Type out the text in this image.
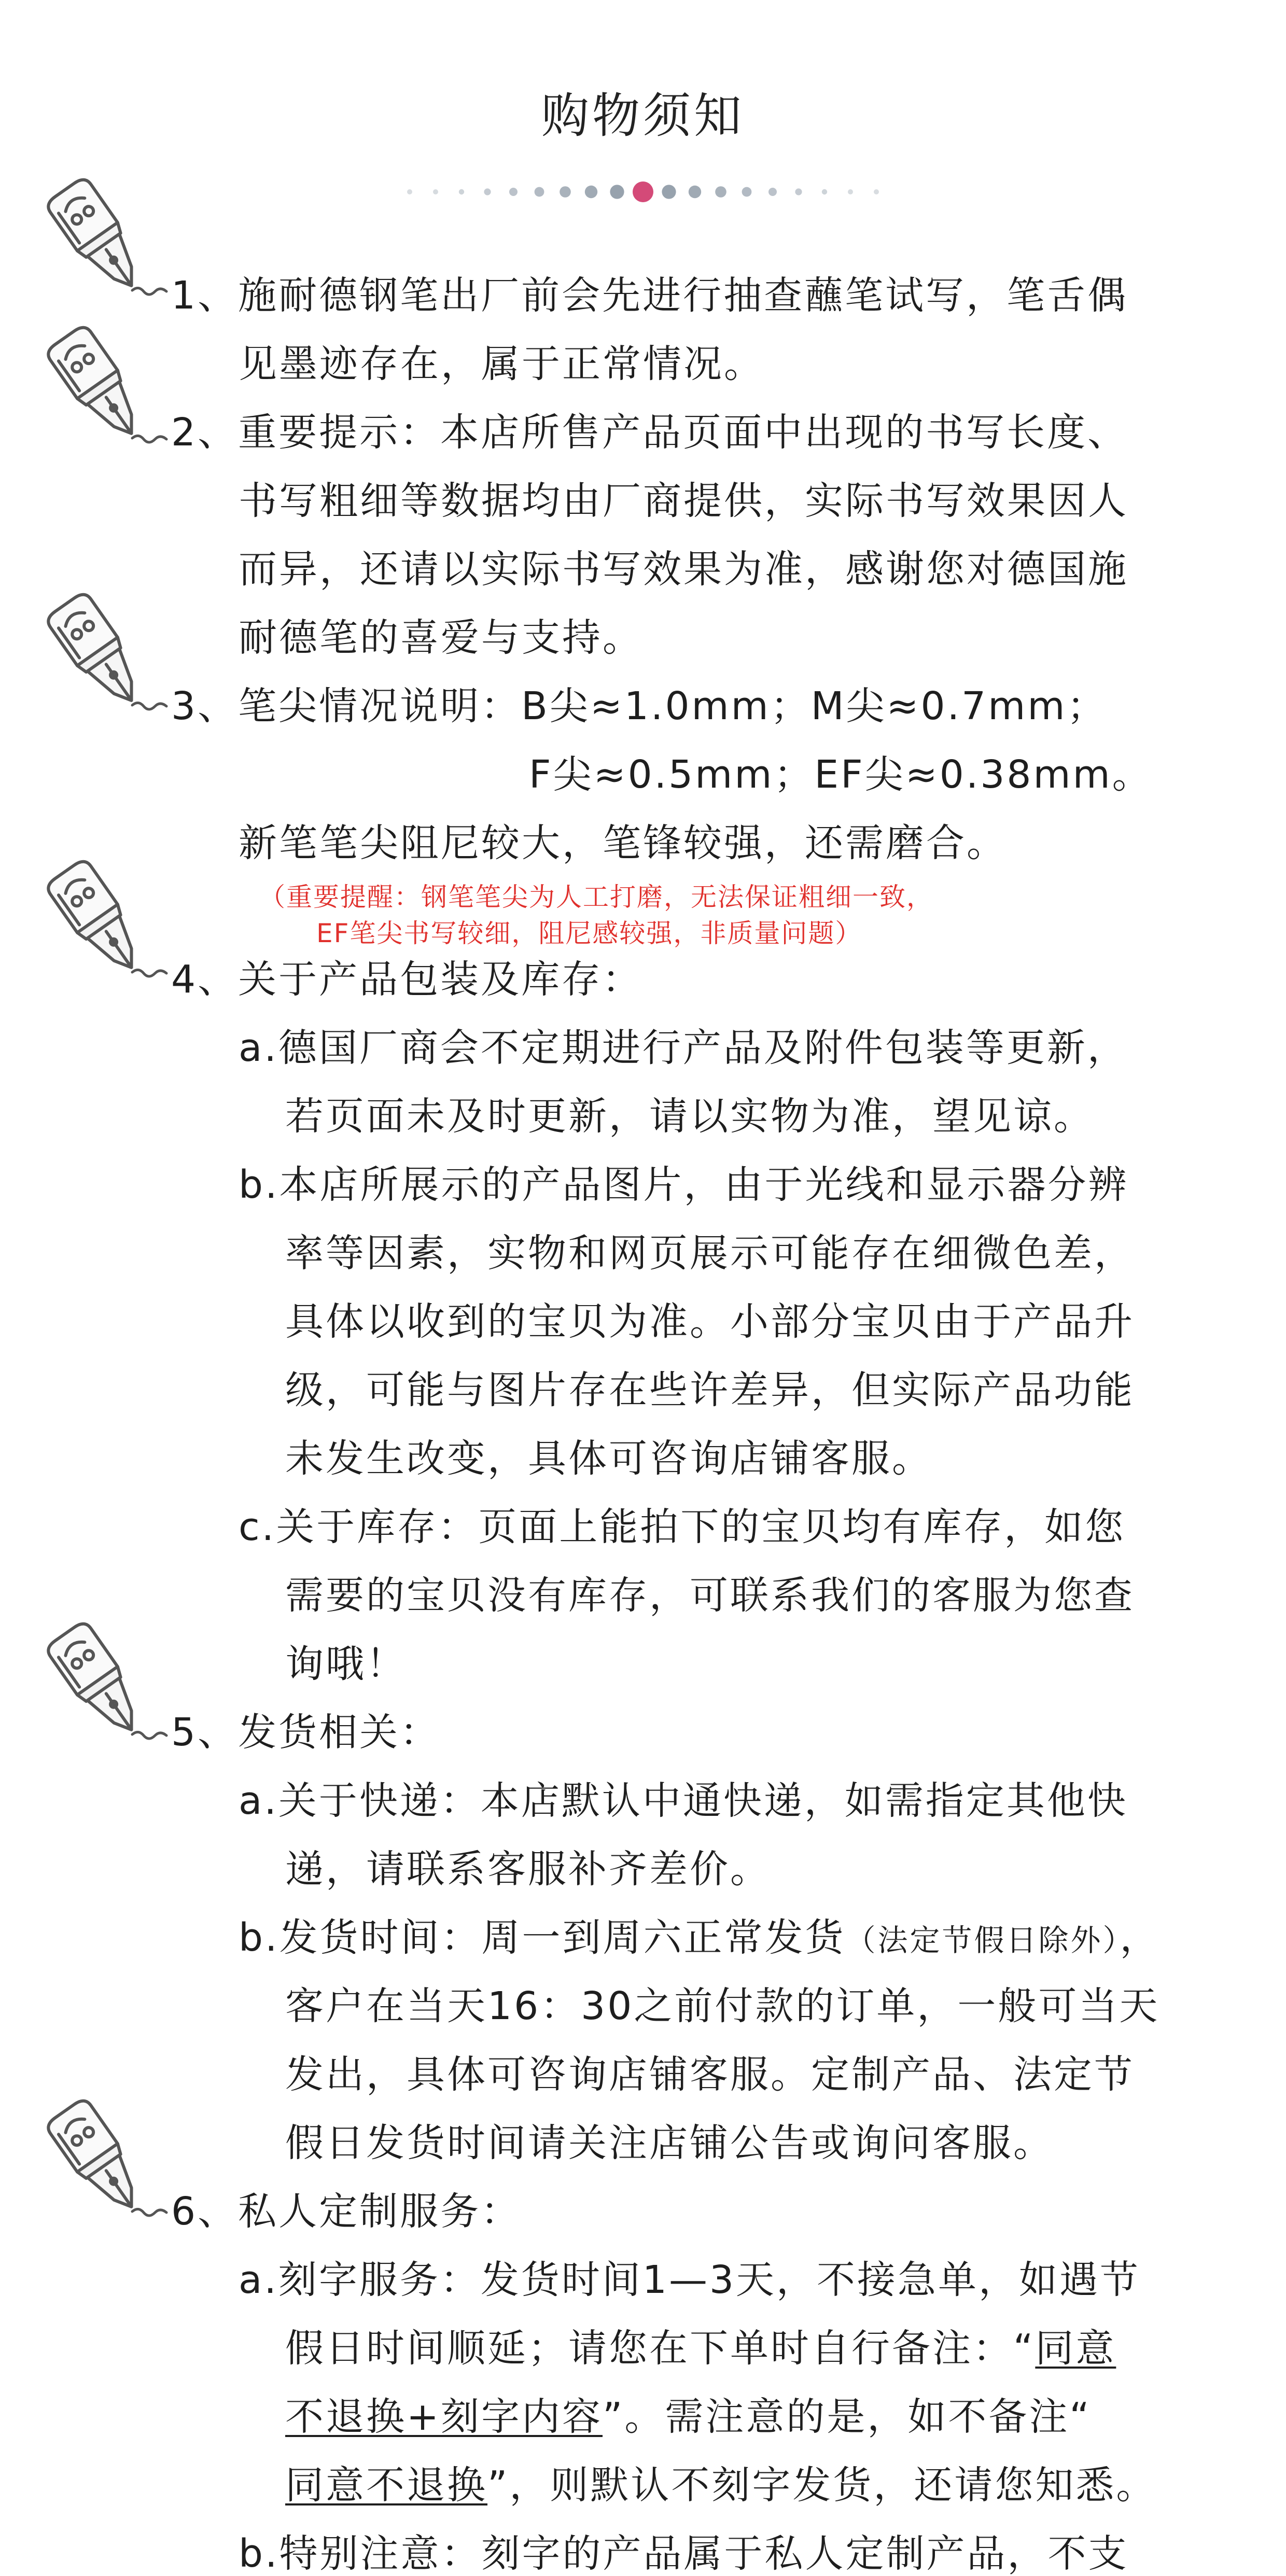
购物须知
1、施耐德钢笔出厂前会先进行抽查蘸笔试写，笔舌偶
见墨迹存在，属于正常情况。
2、重要提示：本店所售产品页面中出现的书写长度、
书写粗细等数据均由厂商提供，实际书写效果因人
而异，还请以实际书写效果为准，感谢您对德国施
耐德笔的喜爱与支持。
3、笔尖情况说明：B尖≈1.0mm；M尖≈0.7mm；
F尖≈0.5mm；EF尖≈0.38mm。
新笔笔尖阻尼较大，笔锋较强，还需磨合。
（重要提醒：钢笔笔尖为人工打磨，无法保证粗细一致，
EF笔尖书写较细，阻尼感较强，非质量问题）
4、关于产品包装及库存：
a.德国厂商会不定期进行产品及附件包装等更新，
若页面未及时更新，请以实物为准，望见谅。
b.本店所展示的产品图片，由于光线和显示器分辨
率等因素，实物和网页展示可能存在细微色差，
具体以收到的宝贝为准。小部分宝贝由于产品升
级，可能与图片存在些许差异，但实际产品功能
未发生改变，具体可咨询店铺客服。
c.关于库存：页面上能拍下的宝贝均有库存，如您
需要的宝贝没有库存，可联系我们的客服为您查
询哦！
5、发货相关：
a.关于快递：本店默认中通快递，如需指定其他快
递，请联系客服补齐差价。
b.发货时间：周一到周六正常发货（法定节假日除外），
客户在当天16：30之前付款的订单，一般可当天
发出，具体可咨询店铺客服。定制产品、法定节
假日发货时间请关注店铺公告或询问客服。
6、私人定制服务：
a.刻字服务：发货时间1—3天，不接急单，如遇节
假日时间顺延；请您在下单时自行备注：“同意
不退换+刻字内容”。需注意的是，如不备注“
同意不退换”，则默认不刻字发货，还请您知悉。
b.特别注意：刻字的产品属于私人定制产品，不支
